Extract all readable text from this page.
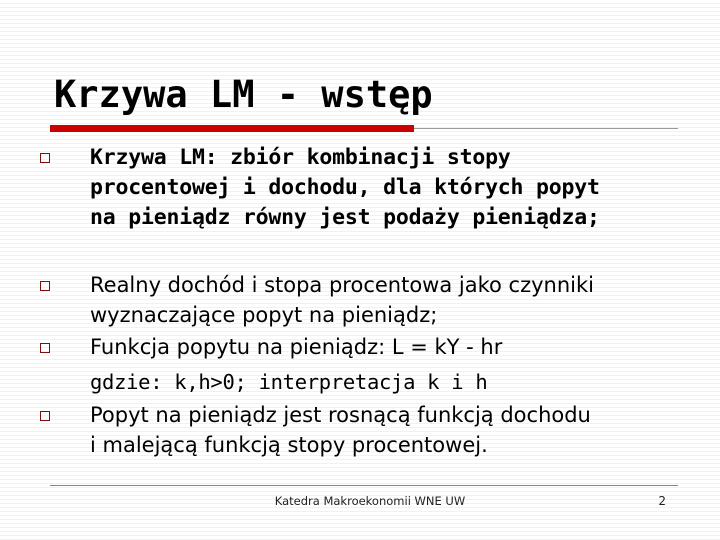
Krzywa LM - wstęp
Krzywa LM: zbiór kombinacji stopy
procentowej i dochodu, dla których popyt
na pieniądz równy jest podaży pieniądza;
Realny dochód i stopa procentowa jako czynniki
wyznaczające popyt na pieniądz;
Funkcja popytu na pieniądz: L = kY - hr
gdzie: k,h>0; interpretacja k i h
Popyt na pieniądz jest rosnącą funkcją dochodu
i malejącą funkcją stopy procentowej.
Katedra Makroekonomii WNE UW	2
